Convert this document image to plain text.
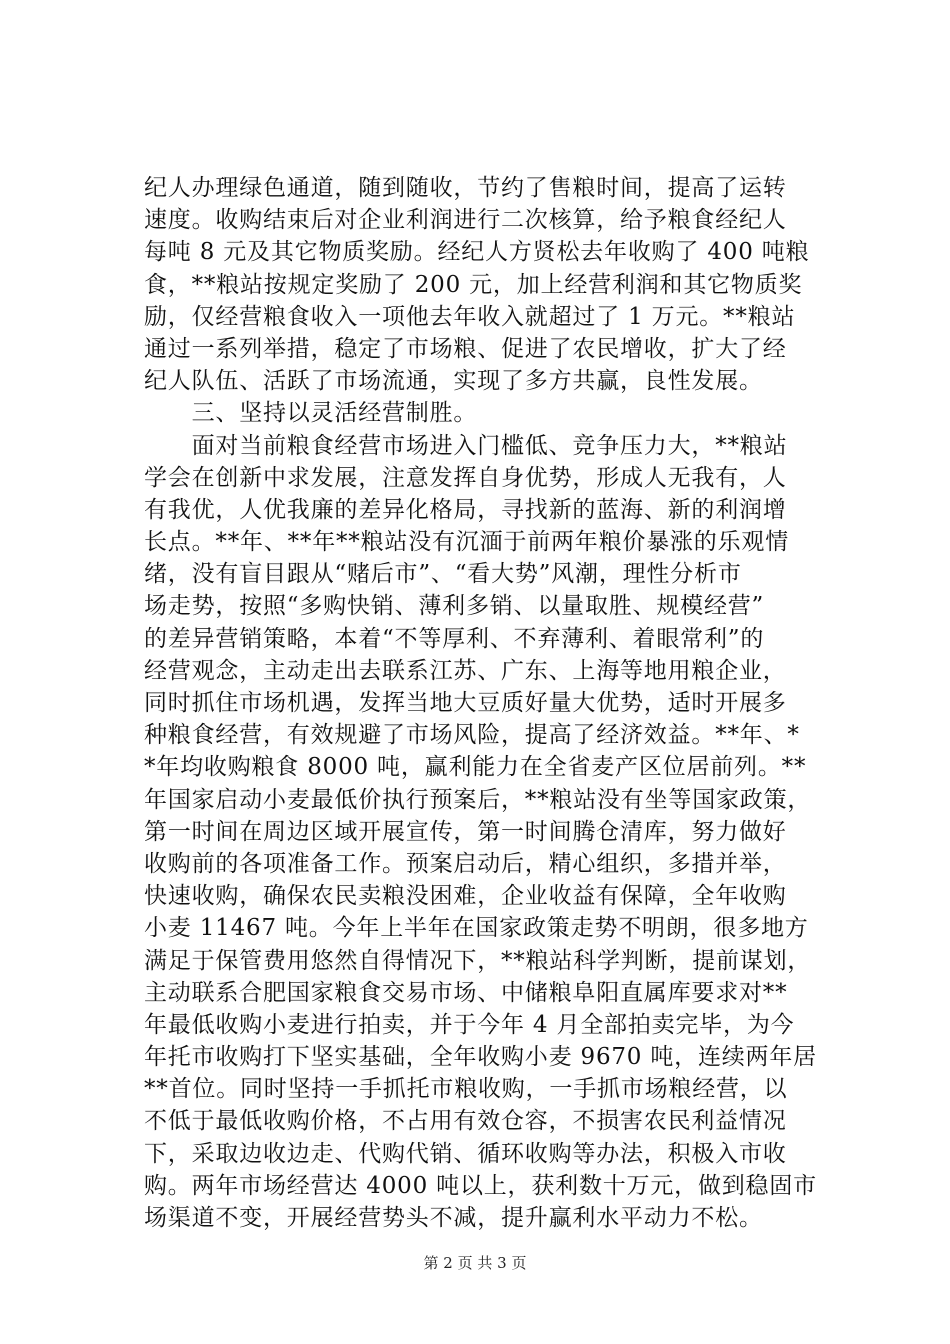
纪人办理绿色通道，随到随收，节约了售粮时间，提高了运转
速度。收购结束后对企业利润进行二次核算，给予粮食经纪人
每吨 8 元及其它物质奖励。经纪人方贤松去年收购了 400 吨粮
食，**粮站按规定奖励了 200 元，加上经营利润和其它物质奖
励，仅经营粮食收入一项他去年收入就超过了 1 万元。**粮站
通过一系列举措，稳定了市场粮、促进了农民增收，扩大了经
纪人队伍、活跃了市场流通，实现了多方共赢，良性发展。
　　三、坚持以灵活经营制胜。
　　面对当前粮食经营市场进入门槛低、竞争压力大，**粮站
学会在创新中求发展，注意发挥自身优势，形成人无我有，人
有我优，人优我廉的差异化格局，寻找新的蓝海、新的利润增
长点。**年、**年**粮站没有沉湎于前两年粮价暴涨的乐观情
绪，没有盲目跟从“赌后市”、“看大势”风潮，理性分析市
场走势，按照“多购快销、薄利多销、以量取胜、规模经营”
的差异营销策略，本着“不等厚利、不弃薄利、着眼常利”的
经营观念，主动走出去联系江苏、广东、上海等地用粮企业，
同时抓住市场机遇，发挥当地大豆质好量大优势，适时开展多
种粮食经营，有效规避了市场风险，提高了经济效益。**年、*
*年均收购粮食 8000 吨，赢利能力在全省麦产区位居前列。**
年国家启动小麦最低价执行预案后，**粮站没有坐等国家政策，
第一时间在周边区域开展宣传，第一时间腾仓清库，努力做好
收购前的各项准备工作。预案启动后，精心组织，多措并举，
快速收购，确保农民卖粮没困难，企业收益有保障，全年收购
小麦 11467 吨。今年上半年在国家政策走势不明朗，很多地方
满足于保管费用悠然自得情况下，**粮站科学判断，提前谋划，
主动联系合肥国家粮食交易市场、中储粮阜阳直属库要求对**
年最低收购小麦进行拍卖，并于今年 4 月全部拍卖完毕，为今
年托市收购打下坚实基础，全年收购小麦 9670 吨，连续两年居
**首位。同时坚持一手抓托市粮收购，一手抓市场粮经营，以
不低于最低收购价格，不占用有效仓容，不损害农民利益情况
下，采取边收边走、代购代销、循环收购等办法，积极入市收
购。两年市场经营达 4000 吨以上，获利数十万元，做到稳固市
场渠道不变，开展经营势头不减，提升赢利水平动力不松。
第 2 页 共 3 页
